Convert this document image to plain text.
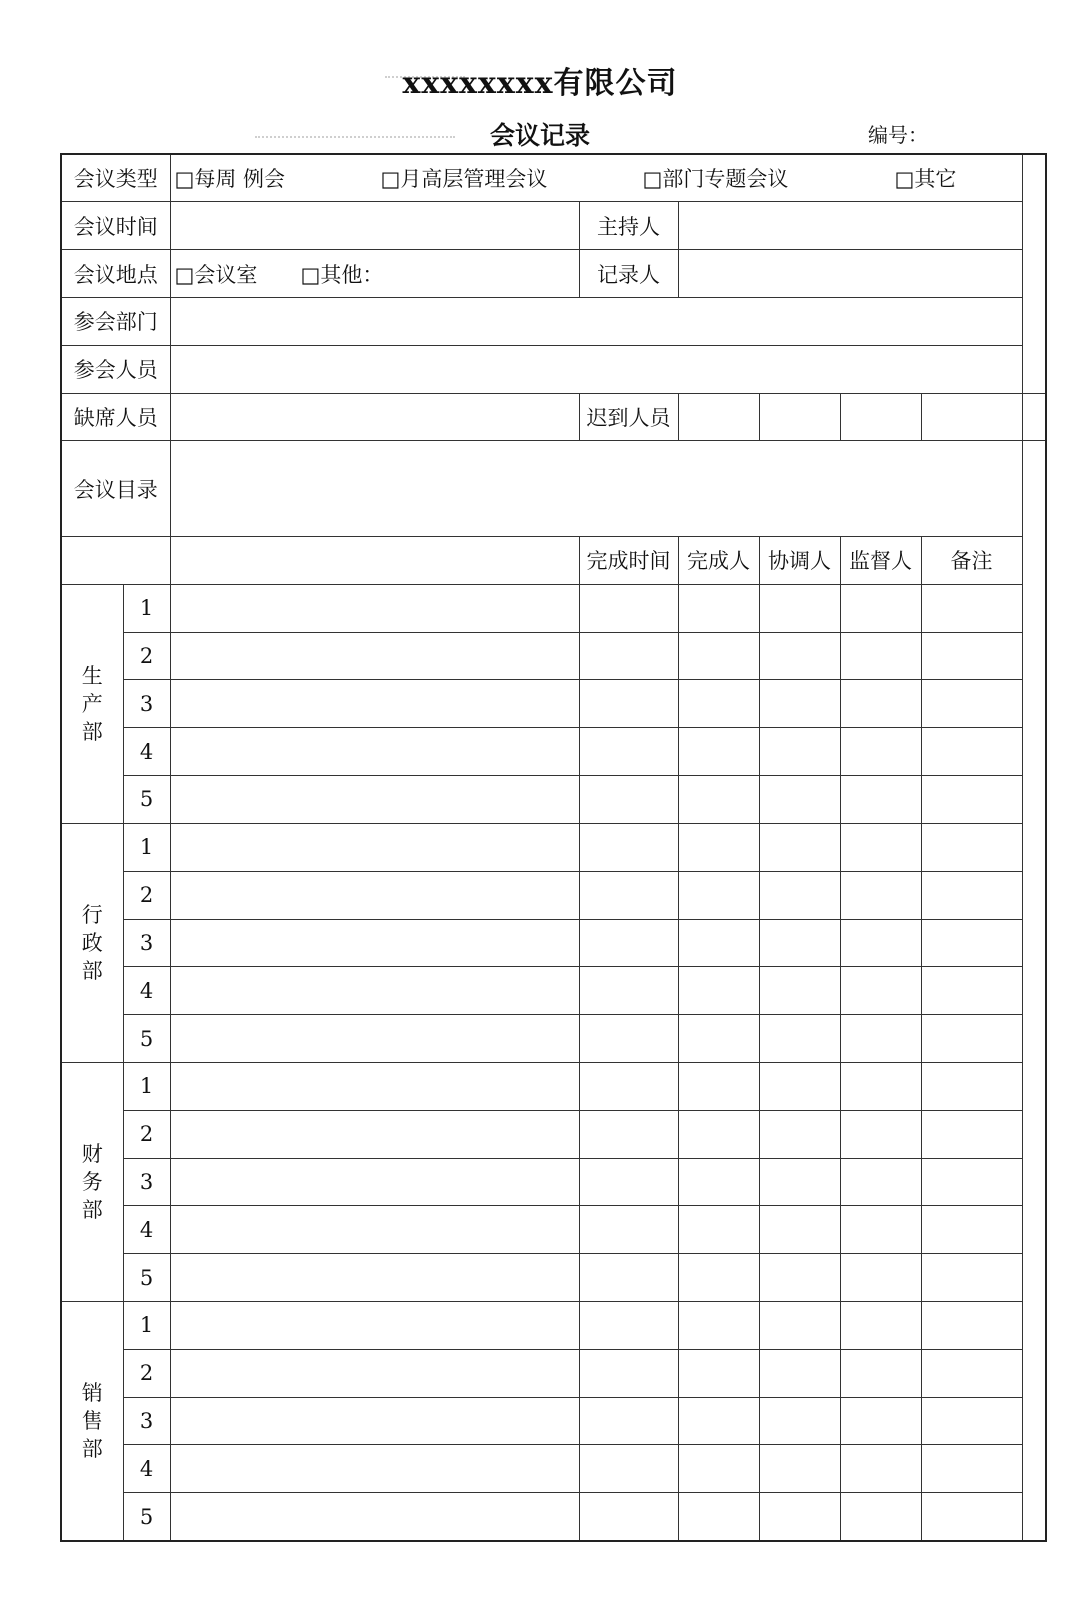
xxxxxxxx有限公司
会议记录	编号：
会议类型		□每周 例会 □月高层管理会议 □部门专题会议 □其它						

会议时间			主持人					
会议地点		□会议室 □其他：	记录人					
参会部门								
参会人员								
缺席人员			迟到人员					
会议目录								
			完成时间	完成人	协调人	监督人	备注	

生
产
部	1							
	2							
	3							
	4							
	5							

行
政
部	1							
	2							
	3							
	4							
	5							

财
务
部	1							
	2							
	3							
	4							
	5							

销
售
部	1							
	2							
	3							
	4							
	5							
